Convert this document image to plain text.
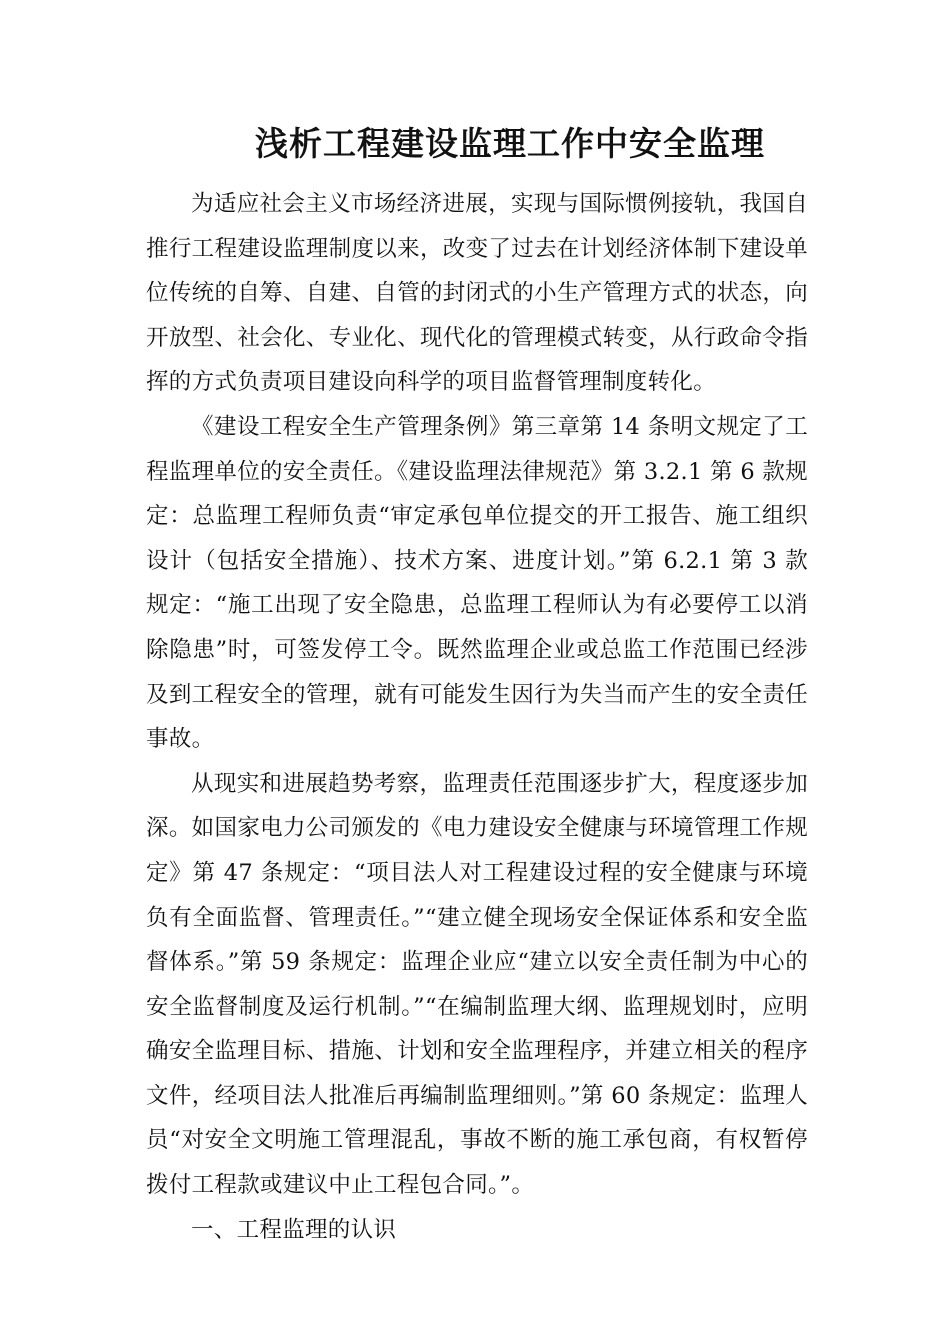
浅析工程建设监理工作中安全监理

为适应社会主义市场经济进展，实现与国际惯例接轨，我国自推行工程建设监理制度以来，改变了过去在计划经济体制下建设单位传统的自筹、自建、自管的封闭式的小生产管理方式的状态，向开放型、社会化、专业化、现代化的管理模式转变，从行政命令指挥的方式负责项目建设向科学的项目监督管理制度转化。

《建设工程安全生产管理条例》第三章第 14 条明文规定了工程监理单位的安全责任。《建设监理法律规范》第 3.2.1 第 6 款规定：总监理工程师负责“审定承包单位提交的开工报告、施工组织设计（包括安全措施）、技术方案、进度计划。”第 6.2.1 第 3 款规定：“施工出现了安全隐患，总监理工程师认为有必要停工以消除隐患”时，可签发停工令。既然监理企业或总监工作范围已经涉及到工程安全的管理，就有可能发生因行为失当而产生的安全责任事故。

从现实和进展趋势考察，监理责任范围逐步扩大，程度逐步加深。如国家电力公司颁发的《电力建设安全健康与环境管理工作规定》第 47 条规定：“项目法人对工程建设过程的安全健康与环境负有全面监督、管理责任。”“建立健全现场安全保证体系和安全监督体系。”第 59 条规定：监理企业应“建立以安全责任制为中心的安全监督制度及运行机制。”“在编制监理大纲、监理规划时，应明确安全监理目标、措施、计划和安全监理程序，并建立相关的程序文件，经项目法人批准后再编制监理细则。”第 60 条规定：监理人员“对安全文明施工管理混乱，事故不断的施工承包商，有权暂停拨付工程款或建议中止工程包合同。”。

一、工程监理的认识
